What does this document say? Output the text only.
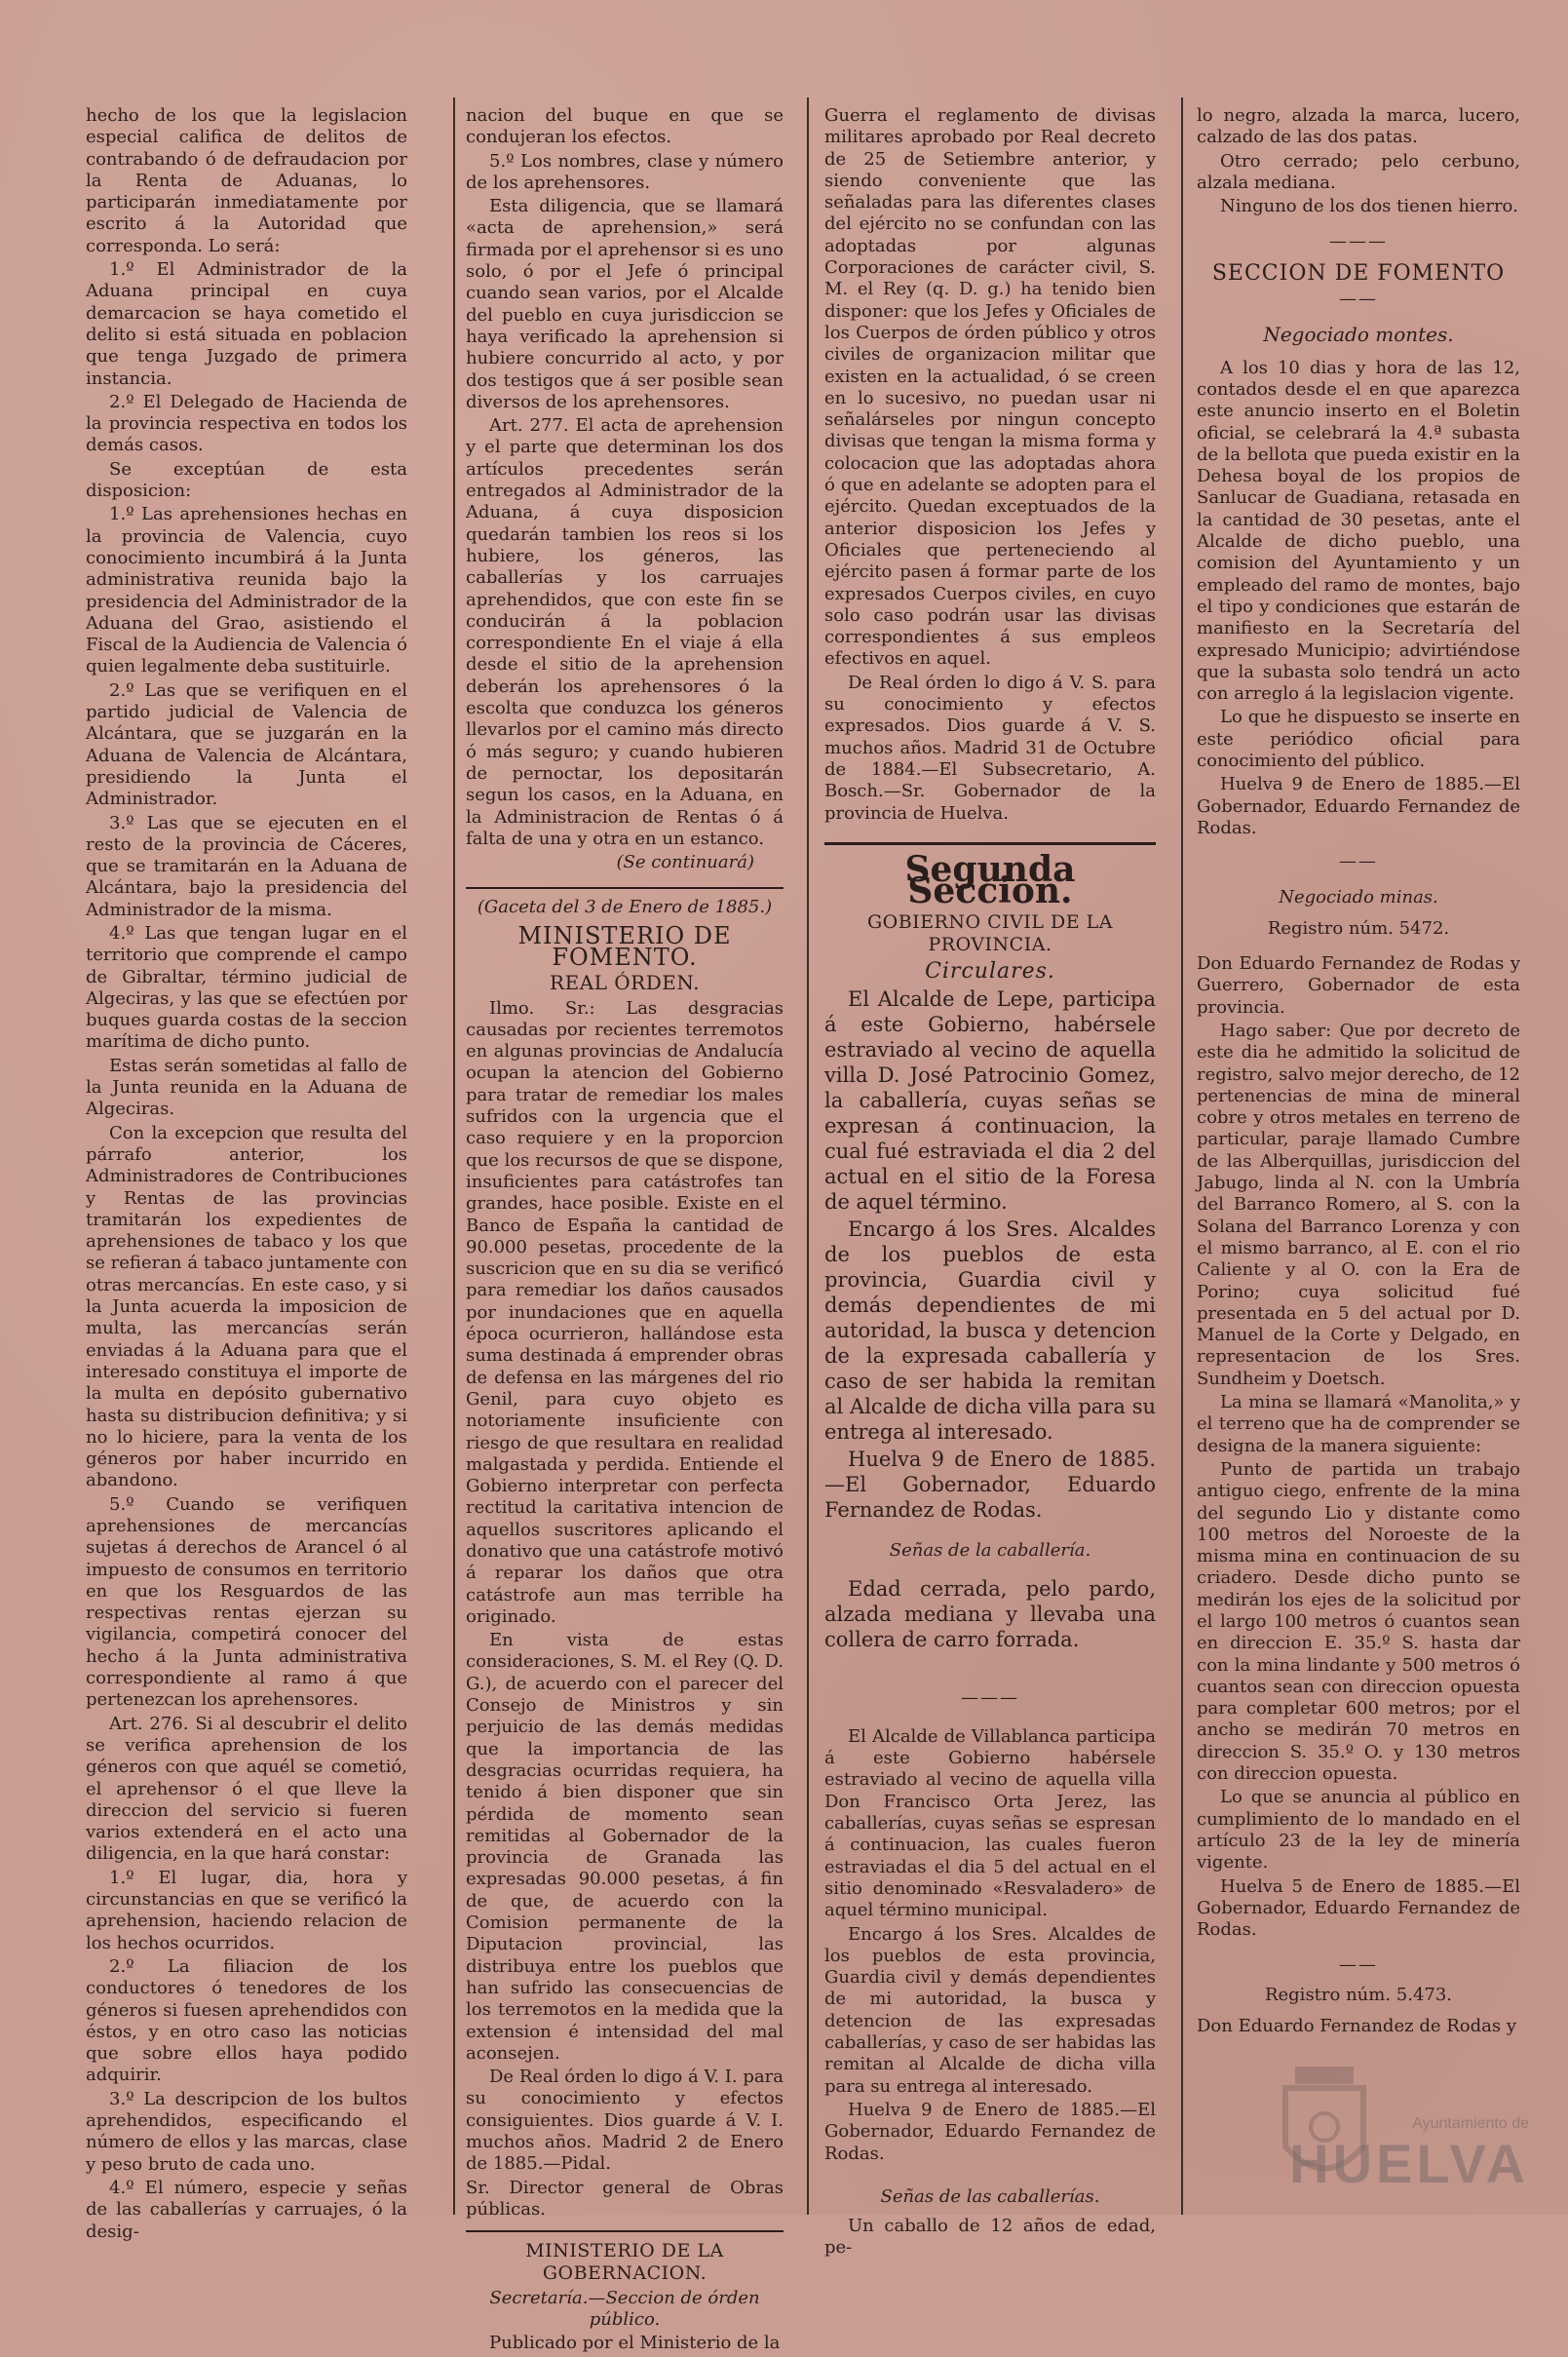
hecho de los que la legislacion especial califica de delitos de contrabando ó de defraudacion por la Renta de Aduanas, lo participarán inmediatamente por escrito á la Autoridad que corresponda. Lo será:

1.º El Administrador de la Aduana principal en cuya demarcacion se haya cometido el delito si está situada en poblacion que tenga Juzgado de primera instancia.

2.º El Delegado de Hacienda de la provincia respectiva en todos los demás casos.

Se exceptúan de esta disposicion:

1.º Las aprehensiones hechas en la provincia de Valencia, cuyo conocimiento incumbirá á la Junta administrativa reunida bajo la presidencia del Administrador de la Aduana del Grao, asistiendo el Fiscal de la Audiencia de Valencia ó quien legalmente deba sustituirle.

2.º Las que se verifiquen en el partido judicial de Valencia de Alcántara, que se juzgarán en la Aduana de Valencia de Alcántara, presidiendo la Junta el Administrador.

3.º Las que se ejecuten en el resto de la provincia de Cáceres, que se tramitarán en la Aduana de Alcántara, bajo la presidencia del Administrador de la misma.

4.º Las que tengan lugar en el territorio que comprende el campo de Gibraltar, término judicial de Algeciras, y las que se efectúen por buques guarda costas de la seccion marítima de dicho punto.

Estas serán sometidas al fallo de la Junta reunida en la Aduana de Algeciras.

Con la excepcion que resulta del párrafo anterior, los Administradores de Contribuciones y Rentas de las provincias tramitarán los expedientes de aprehensiones de tabaco y los que se refieran á tabaco juntamente con otras mercancías. En este caso, y si la Junta acuerda la imposicion de multa, las mercancías serán enviadas á la Aduana para que el interesado constituya el importe de la multa en depósito gubernativo hasta su distribucion definitiva; y si no lo hiciere, para la venta de los géneros por haber incurrido en abandono.

5.º Cuando se verifiquen aprehensiones de mercancías sujetas á derechos de Arancel ó al impuesto de consumos en territorio en que los Resguardos de las respectivas rentas ejerzan su vigilancia, competirá conocer del hecho á la Junta administrativa correspondiente al ramo á que pertenezcan los aprehensores.

Art. 276. Si al descubrir el delito se verifica aprehension de los géneros con que aquél se cometió, el aprehensor ó el que lleve la direccion del servicio si fueren varios extenderá en el acto una diligencia, en la que hará constar:

1.º El lugar, dia, hora y circunstancias en que se verificó la aprehension, haciendo relacion de los hechos ocurridos.

2.º La filiacion de los conductores ó tenedores de los géneros si fuesen aprehendidos con éstos, y en otro caso las noticias que sobre ellos haya podido adquirir.

3.º La descripcion de los bultos aprehendidos, especificando el número de ellos y las marcas, clase y peso bruto de cada uno.

4.º El número, especie y señas de las caballerías y carruajes, ó la desig-

nacion del buque en que se condujeran los efectos.

5.º Los nombres, clase y número de los aprehensores.

Esta diligencia, que se llamará «acta de aprehension,» será firmada por el aprehensor si es uno solo, ó por el Jefe ó principal cuando sean varios, por el Alcalde del pueblo en cuya jurisdiccion se haya verificado la aprehension si hubiere concurrido al acto, y por dos testigos que á ser posible sean diversos de los aprehensores.

Art. 277. El acta de aprehension y el parte que determinan los dos artículos precedentes serán entregados al Administrador de la Aduana, á cuya disposicion quedarán tambien los reos si los hubiere, los géneros, las caballerías y los carruajes aprehendidos, que con este fin se conducirán á la poblacion correspondiente En el viaje á ella desde el sitio de la aprehension deberán los aprehensores ó la escolta que conduzca los géneros llevarlos por el camino más directo ó más seguro; y cuando hubieren de pernoctar, los depositarán segun los casos, en la Aduana, en la Administracion de Rentas ó á falta de una y otra en un estanco.

(Se continuará)

(Gaceta del 3 de Enero de 1885.)

MINISTERIO DE FOMENTO.
REAL ÓRDEN.

Ilmo. Sr.: Las desgracias causadas por recientes terremotos en algunas provincias de Andalucía ocupan la atencion del Gobierno para tratar de remediar los males sufridos con la urgencia que el caso requiere y en la proporcion que los recursos de que se dispone, insuficientes para catástrofes tan grandes, hace posible. Existe en el Banco de España la cantidad de 90.000 pesetas, procedente de la suscricion que en su dia se verificó para remediar los daños causados por inundaciones que en aquella época ocurrieron, hallándose esta suma destinada á emprender obras de defensa en las márgenes del rio Genil, para cuyo objeto es notoriamente insuficiente con riesgo de que resultara en realidad malgastada y perdida. Entiende el Gobierno interpretar con perfecta rectitud la caritativa intencion de aquellos suscritores aplicando el donativo que una catástrofe motivó á reparar los daños que otra catástrofe aun mas terrible ha originado.

En vista de estas consideraciones, S. M. el Rey (Q. D. G.), de acuerdo con el parecer del Consejo de Ministros y sin perjuicio de las demás medidas que la importancia de las desgracias ocurridas requiera, ha tenido á bien disponer que sin pérdida de momento sean remitidas al Gobernador de la provincia de Granada las expresadas 90.000 pesetas, á fin de que, de acuerdo con la Comision permanente de la Diputacion provincial, las distribuya entre los pueblos que han sufrido las consecuencias de los terremotos en la medida que la extension é intensidad del mal aconsejen.

De Real órden lo digo á V. I. para su conocimiento y efectos consiguientes. Dios guarde á V. I. muchos años. Madrid 2 de Enero de 1885.—Pidal.

Sr. Director general de Obras públicas.

MINISTERIO DE LA GOBERNACION.

Secretaría.—Seccion de órden público.

Publicado por el Ministerio de la

Guerra el reglamento de divisas militares aprobado por Real decreto de 25 de Setiembre anterior, y siendo conveniente que las señaladas para las diferentes clases del ejército no se confundan con las adoptadas por algunas Corporaciones de carácter civil, S. M. el Rey (q. D. g.) ha tenido bien disponer: que los Jefes y Oficiales de los Cuerpos de órden público y otros civiles de organizacion militar que existen en la actualidad, ó se creen en lo sucesivo, no puedan usar ni señalárseles por ningun concepto divisas que tengan la misma forma y colocacion que las adoptadas ahora ó que en adelante se adopten para el ejército. Quedan exceptuados de la anterior disposicion los Jefes y Oficiales que perteneciendo al ejército pasen á formar parte de los expresados Cuerpos civiles, en cuyo solo caso podrán usar las divisas correspondientes á sus empleos efectivos en aquel.

De Real órden lo digo á V. S. para su conocimiento y efectos expresados. Dios guarde á V. S. muchos años. Madrid 31 de Octubre de 1884.—El Subsecretario, A. Bosch.—Sr. Gobernador de la provincia de Huelva.

Segunda Seccion.
GOBIERNO CIVIL DE LA PROVINCIA.
Circulares.

El Alcalde de Lepe, participa á este Gobierno, habérsele estraviado al vecino de aquella villa D. José Patrocinio Gomez, la caballería, cuyas señas se expresan á continuacion, la cual fué estraviada el dia 2 del actual en el sitio de la Foresa de aquel término.

Encargo á los Sres. Alcaldes de los pueblos de esta provincia, Guardia civil y demás dependientes de mi autoridad, la busca y detencion de la expresada caballería y caso de ser habida la remitan al Alcalde de dicha villa para su entrega al interesado.

Huelva 9 de Enero de 1885.—El Gobernador, Eduardo Fernandez de Rodas.

Señas de la caballería.

Edad cerrada, pelo pardo, alzada mediana y llevaba una collera de carro forrada.

———

El Alcalde de Villablanca participa á este Gobierno habérsele estraviado al vecino de aquella villa Don Francisco Orta Jerez, las caballerías, cuyas señas se espresan á continuacion, las cuales fueron estraviadas el dia 5 del actual en el sitio denominado «Resvaladero» de aquel término municipal.

Encargo á los Sres. Alcaldes de los pueblos de esta provincia, Guardia civil y demás dependientes de mi autoridad, la busca y detencion de las expresadas caballerías, y caso de ser habidas las remitan al Alcalde de dicha villa para su entrega al interesado.

Huelva 9 de Enero de 1885.—El Gobernador, Eduardo Fernandez de Rodas.

Señas de las caballerías.

Un caballo de 12 años de edad, pe-

lo negro, alzada la marca, lucero, calzado de las dos patas.

Otro cerrado; pelo cerbuno, alzala mediana.

Ninguno de los dos tienen hierro.

———
SECCION DE FOMENTO
——

Negociado montes.

A los 10 dias y hora de las 12, contados desde el en que aparezca este anuncio inserto en el Boletin oficial, se celebrará la 4.ª subasta de la bellota que pueda existir en la Dehesa boyal de los propios de Sanlucar de Guadiana, retasada en la cantidad de 30 pesetas, ante el Alcalde de dicho pueblo, una comision del Ayuntamiento y un empleado del ramo de montes, bajo el tipo y condiciones que estarán de manifiesto en la Secretaría del expresado Municipio; advirtiéndose que la subasta solo tendrá un acto con arreglo á la legislacion vigente.

Lo que he dispuesto se inserte en este periódico oficial para conocimiento del público.

Huelva 9 de Enero de 1885.—El Gobernador, Eduardo Fernandez de Rodas.

——

Negociado minas.

Registro núm. 5472.

Don Eduardo Fernandez de Rodas y Guerrero, Gobernador de esta provincia.

Hago saber: Que por decreto de este dia he admitido la solicitud de registro, salvo mejor derecho, de 12 pertenencias de mina de mineral cobre y otros metales en terreno de particular, paraje llamado Cumbre de las Alberquillas, jurisdiccion del Jabugo, linda al N. con la Umbría del Barranco Romero, al S. con la Solana del Barranco Lorenza y con el mismo barranco, al E. con el rio Caliente y al O. con la Era de Porino; cuya solicitud fué presentada en 5 del actual por D. Manuel de la Corte y Delgado, en representacion de los Sres. Sundheim y Doetsch.

La mina se llamará «Manolita,» y el terreno que ha de comprender se designa de la manera siguiente:

Punto de partida un trabajo antiguo ciego, enfrente de la mina del segundo Lio y distante como 100 metros del Noroeste de la misma mina en continuacion de su criadero. Desde dicho punto se medirán los ejes de la solicitud por el largo 100 metros ó cuantos sean en direccion E. 35.º S. hasta dar con la mina lindante y 500 metros ó cuantos sean con direccion opuesta para completar 600 metros; por el ancho se medirán 70 metros en direccion S. 35.º O. y 130 metros con direccion opuesta.

Lo que se anuncia al público en cumplimiento de lo mandado en el artículo 23 de la ley de minería vigente.

Huelva 5 de Enero de 1885.—El Gobernador, Eduardo Fernandez de Rodas.

——

Registro núm. 5.473.

Don Eduardo Fernandez de Rodas y

Ayuntamiento de
HUELVA
